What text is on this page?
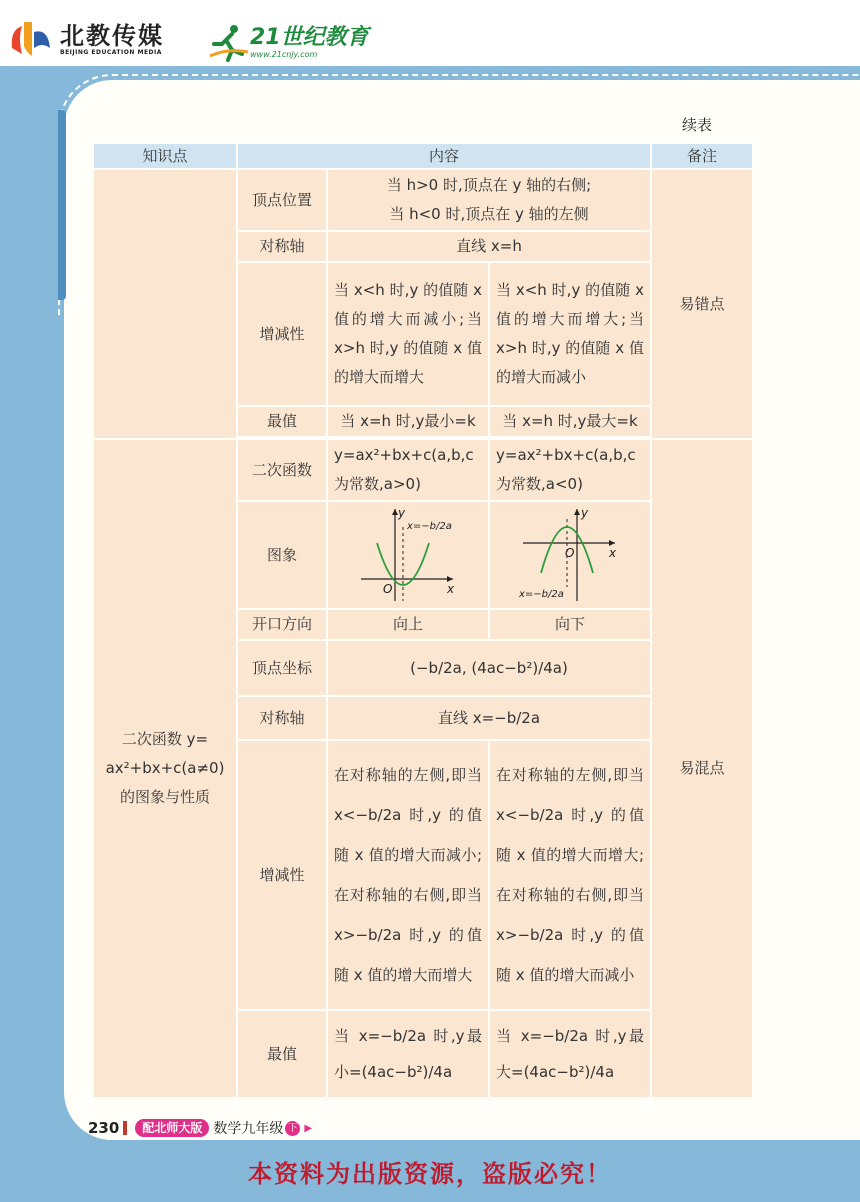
北教传媒
BEIJING EDUCATION MEDIA
21世纪教育
www.21cnjy.com
续表
知识点	内容			备注
	顶点位置	当 h>0 时,顶点在 y 轴的右侧;
当 h<0 时,顶点在 y 轴的左侧		易错点
	对称轴	直线 x=h		
	增减性	当 x<h 时,y 的值随 x 值的增大而减小;当 x>h 时,y 的值随 x 值的增大而增大	当 x<h 时,y 的值随 x 值的增大而增大;当 x>h 时,y 的值随 x 值的增大而减小	
	最值	当 x=h 时,y最小=k	当 x=h 时,y最大=k	

二次函数 y=
ax²+bx+c(a≠0)
的图象与性质	二次函数	y=ax²+bx+c(a,b,c 为常数,a>0)	y=ax²+bx+c(a,b,c 为常数,a<0)	易混点
	图象	y
x
O
x=−b/2a	y
x
O
x=−b/2a	

	开口方向	向上	向下	
	顶点坐标	(−b/2a, (4ac−b²)/4a)		
	对称轴	直线 x=−b/2a		
	增减性	在对称轴的左侧,即当 x<−b/2a 时,y 的值随 x 值的增大而减小;在对称轴的右侧,即当 x>−b/2a 时,y 的值随 x 值的增大而增大	在对称轴的左侧,即当 x<−b/2a 时,y 的值随 x 值的增大而增大;在对称轴的右侧,即当 x>−b/2a 时,y 的值随 x 值的增大而减小	
	最值	当 x=−b/2a 时,y最小=(4ac−b²)/4a	当 x=−b/2a 时,y最大=(4ac−b²)/4a	
230	配北师大版 数学九年级 下 ▶
本资料为出版资源，盗版必究！
